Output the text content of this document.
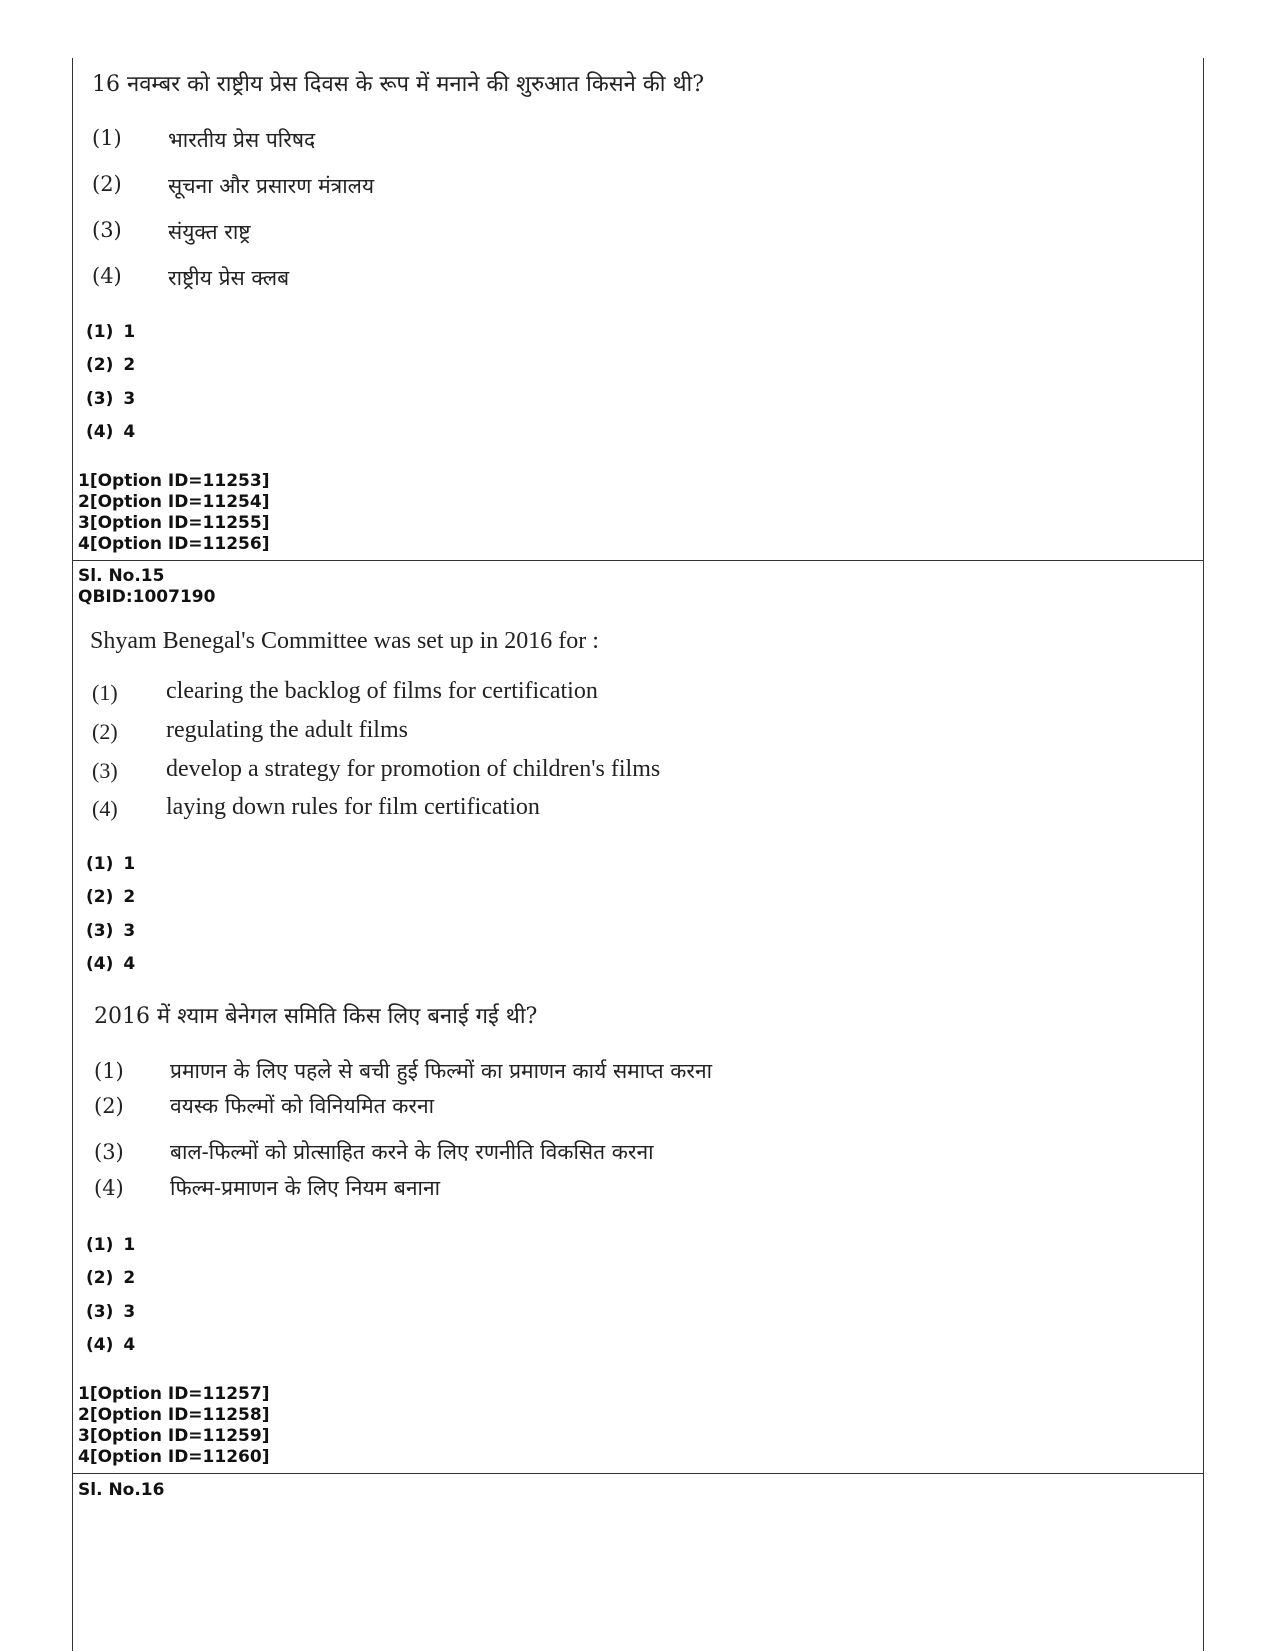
16 नवम्बर को राष्ट्रीय प्रेस दिवस के रूप में मनाने की शुरुआत किसने की थी?
(1) भारतीय प्रेस परिषद
(2) सूचना और प्रसारण मंत्रालय
(3) संयुक्त राष्ट्र
(4) राष्ट्रीय प्रेस क्लब
(1) 1
(2) 2
(3) 3
(4) 4
1[Option ID=11253]
2[Option ID=11254]
3[Option ID=11255]
4[Option ID=11256]
Sl. No.15
QBID:1007190
Shyam Benegal's Committee was set up in 2016 for :
(1) clearing the backlog of films for certification
(2) regulating the adult films
(3) develop a strategy for promotion of children's films
(4) laying down rules for film certification
(1) 1
(2) 2
(3) 3
(4) 4
2016 में श्याम बेनेगल समिति किस लिए बनाई गई थी?
(1) प्रमाणन के लिए पहले से बची हुई फिल्मों का प्रमाणन कार्य समाप्त करना
(2) वयस्क फिल्मों को विनियमित करना
(3) बाल-फिल्मों को प्रोत्साहित करने के लिए रणनीति विकसित करना
(4) फिल्म-प्रमाणन के लिए नियम बनाना
(1) 1
(2) 2
(3) 3
(4) 4
1[Option ID=11257]
2[Option ID=11258]
3[Option ID=11259]
4[Option ID=11260]
Sl. No.16
